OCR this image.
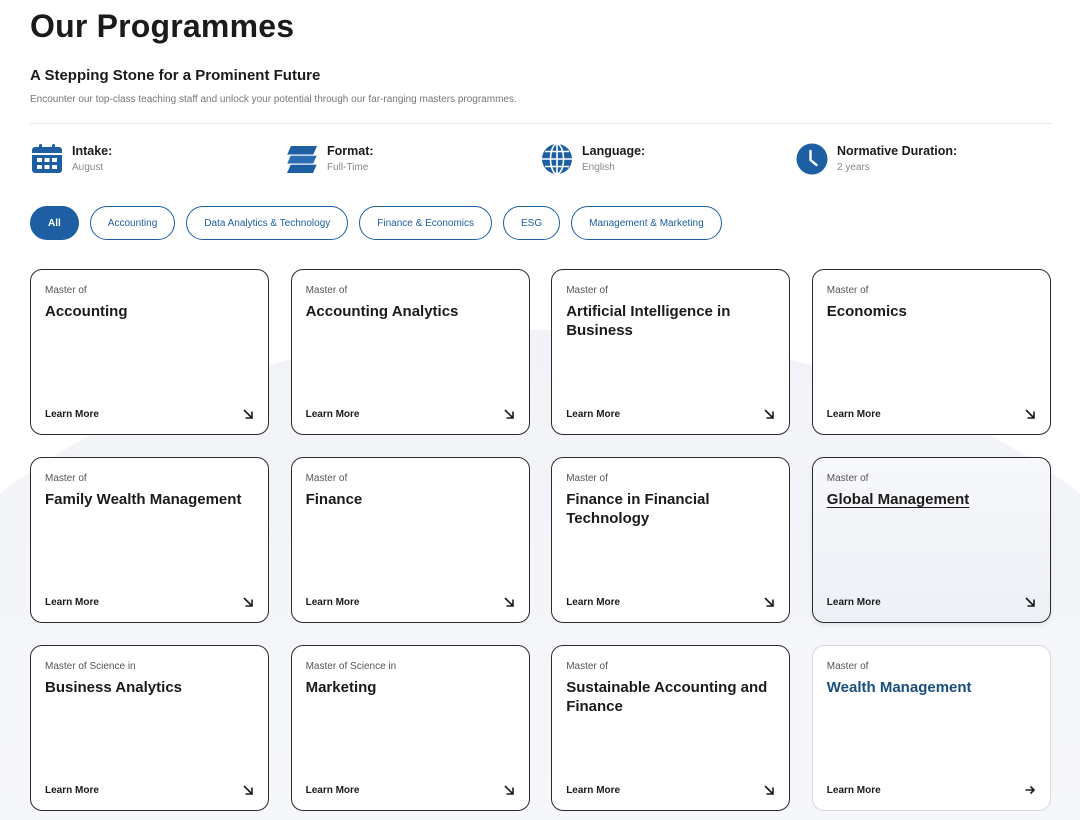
Our Programmes
A Stepping Stone for a Prominent Future
Encounter our top-class teaching staff and unlock your potential through our far-ranging masters programmes.
Intake:
August
Format:
Full-Time
Language:
English
Normative Duration:
2 years
All	Accounting	Data Analytics & Technology	Finance & Economics	ESG	Management & Marketing
Master of
Accounting
Learn More
Master of
Accounting Analytics
Learn More
Master of
Artificial Intelligence in Business
Learn More
Master of
Economics
Learn More
Master of
Family Wealth Management
Learn More
Master of
Finance
Learn More
Master of
Finance in Financial Technology
Learn More
Master of
Global Management
Learn More
Master of Science in
Business Analytics
Learn More
Master of Science in
Marketing
Learn More
Master of
Sustainable Accounting and Finance
Learn More
Master of
Wealth Management
Learn More
